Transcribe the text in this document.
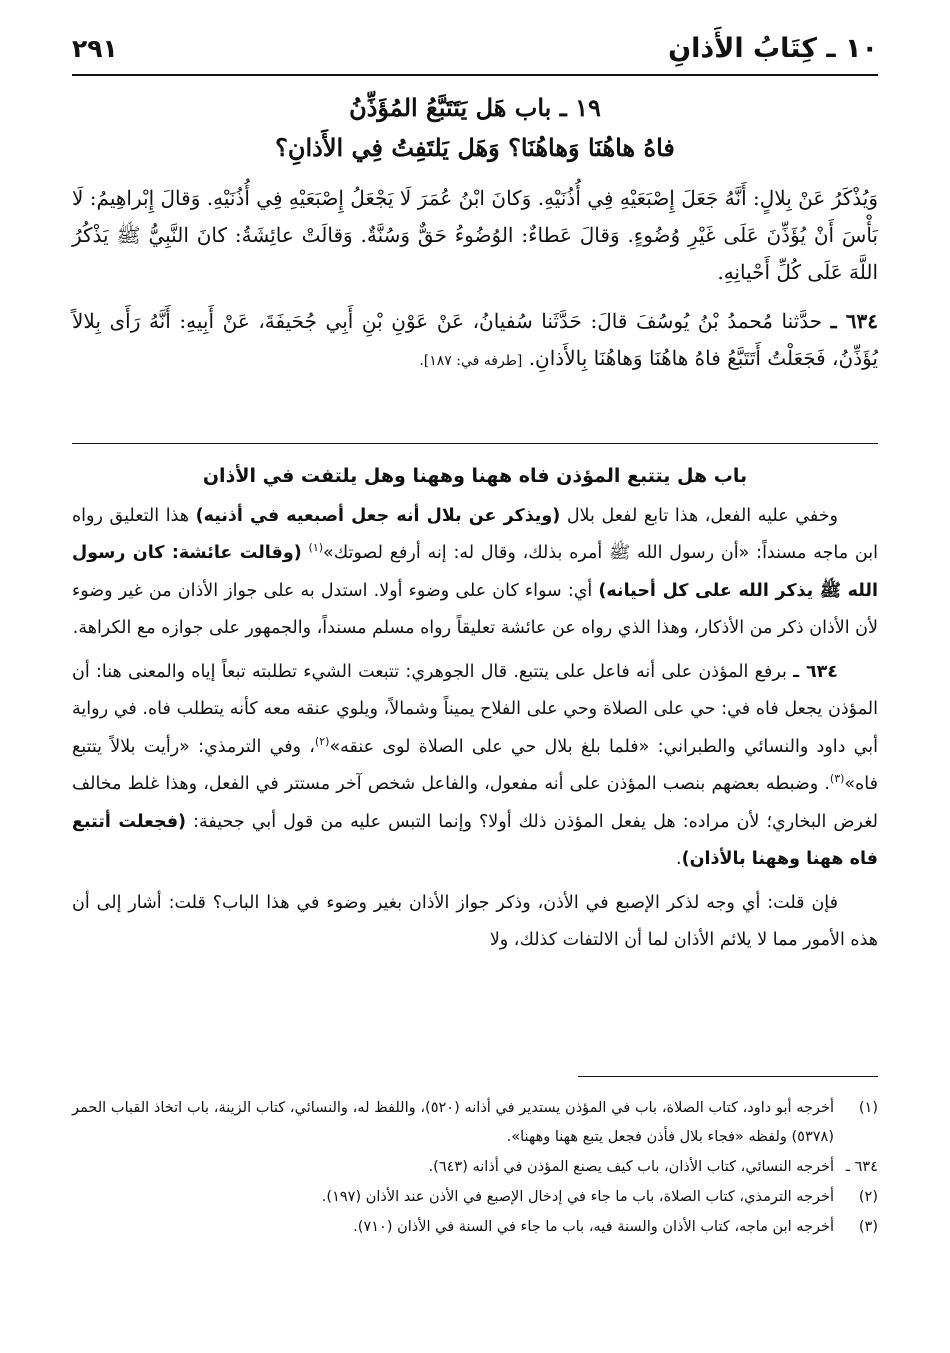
١٠ ـ كِتَابُ الأَذانِ
٢٩١
١٩ ـ باب هَل يَتَتَبَّعُ المُؤَذِّنُ
فاهُ هاهُنَا وَهاهُنَا؟ وَهَل يَلتَفِتُ فِي الأَذانِ؟

وَيُذْكَرُ عَنْ بِلالٍ: أَنَّهُ جَعَلَ إِصْبَعَيْهِ فِي أُذُنَيْهِ. وَكانَ ابْنُ عُمَرَ لَا يَجْعَلُ إِصْبَعَيْهِ فِي أُذُنَيْهِ. وَقالَ إِبْراهِيمُ: لَا بَأْسَ أَنْ يُؤَذِّنَ عَلَى غَيْرِ وُضُوءٍ. وَقالَ عَطاءٌ: الوُضُوءُ حَقٌّ وَسُنَّةٌ. وَقالَتْ عائِشَةُ: كانَ النَّبِيُّ ﷺ يَذْكُرُ اللَّهَ عَلَى كُلِّ أَحْيانِهِ.

٦٣٤ ـ حدَّثنا مُحمدُ بْنُ يُوسُفَ قالَ: حَدَّثَنا سُفيانُ، عَنْ عَوْنِ بْنِ أَبِي جُحَيفَةَ، عَنْ أَبِيهِ: أَنَّهُ رَأَى بِلالاً يُؤَذِّنُ، فَجَعَلْتُ أَتَتَبَّعُ فاهُ هاهُنَا وَهاهُنَا بِالأَذانِ. [طرفه في: ١٨٧].

باب هل يتتبع المؤذن فاه ههنا وههنا وهل يلتفت في الأذان

وخفي عليه الفعل، هذا تابع لفعل بلال (ويذكر عن بلال أنه جعل أصبعيه في أذنيه) هذا التعليق رواه ابن ماجه مسنداً: «أن رسول الله ﷺ أمره بذلك، وقال له: إنه أرفع لصوتك»$^{(١)}$ (وقالت عائشة: كان رسول الله ﷺ يذكر الله على كل أحيانه) أي: سواء كان على وضوء أولا. استدل به على جواز الأذان من غير وضوء لأن الأذان ذكر من الأذكار، وهذا الذي رواه عن عائشة تعليقاً رواه مسلم مسنداً، والجمهور على جوازه مع الكراهة.

٦٣٤ ـ برفع المؤذن على أنه فاعل على يتتبع. قال الجوهري: تتبعت الشيء تطلبته تبعاً إياه والمعنى هنا: أن المؤذن يجعل فاه في: حي على الصلاة وحي على الفلاح يميناً وشمالاً، ويلوي عنقه معه كأنه يتطلب فاه. في رواية أبي داود والنسائي والطبراني: «فلما بلغ بلال حي على الصلاة لوى عنقه»$^{(٢)}$، وفي الترمذي: «رأيت بلالاً يتتبع فاه»$^{(٣)}$. وضبطه بعضهم بنصب المؤذن على أنه مفعول، والفاعل شخص آخر مستتر في الفعل، وهذا غلط مخالف لغرض البخاري؛ لأن مراده: هل يفعل المؤذن ذلك أولا؟ وإنما التبس عليه من قول أبي جحيفة: (فجعلت أتتبع فاه ههنا وههنا بالأذان).

فإن قلت: أي وجه لذكر الإصبع في الأذن، وذكر جواز الأذان بغير وضوء في هذا الباب؟ قلت: أشار إلى أن هذه الأمور مما لا يلائم الأذان لما أن الالتفات كذلك، ولا

(١)
أخرجه أبو داود، كتاب الصلاة، باب في المؤذن يستدير في أذانه (٥٢٠)، واللفظ له، والنسائي، كتاب الزينة، باب اتخاذ القباب الحمر (٥٣٧٨) ولفظه «فجاء بلال فأذن فجعل يتبع ههنا وههنا».
٦٣٤ ـ
أخرجه النسائي، كتاب الأذان، باب كيف يصنع المؤذن في أذانه (٦٤٣).
(٢)
أخرجه الترمذي، كتاب الصلاة، باب ما جاء في إدخال الإصبع في الأذن عند الأذان (١٩٧).
(٣)
أخرجه ابن ماجه، كتاب الأذان والسنة فيه، باب ما جاء في السنة في الأذان (٧١٠).
